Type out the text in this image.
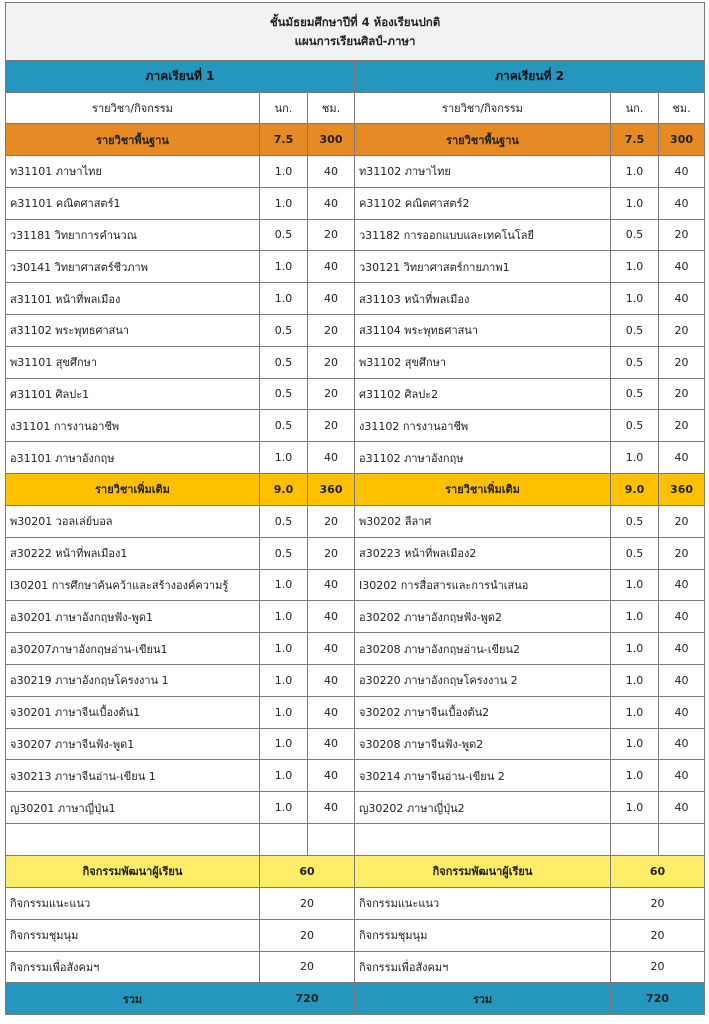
ชั้นมัธยมศึกษาปีที่ 4 ห้องเรียนปกติ
แผนการเรียนศิลป์-ภาษา					

ภาคเรียนที่ 1			ภาคเรียนที่ 2		
รายวิชา/กิจกรรม	นก.	ชม.	รายวิชา/กิจกรรม	นก.	ชม.
รายวิชาพื้นฐาน	7.5	300	รายวิชาพื้นฐาน	7.5	300
ท31101 ภาษาไทย	1.0	40	ท31102 ภาษาไทย	1.0	40
ค31101 คณิตศาสตร์1	1.0	40	ค31102 คณิตศาสตร์2	1.0	40
ว31181 วิทยาการคำนวณ	0.5	20	ว31182 การออกแบบและเทคโนโลยี	0.5	20
ว30141 วิทยาศาสตร์ชีวภาพ	1.0	40	ว30121 วิทยาศาสตร์กายภาพ1	1.0	40
ส31101 หน้าที่พลเมือง	1.0	40	ส31103 หน้าที่พลเมือง	1.0	40
ส31102 พระพุทธศาสนา	0.5	20	ส31104 พระพุทธศาสนา	0.5	20
พ31101 สุขศึกษา	0.5	20	พ31102 สุขศึกษา	0.5	20
ศ31101 ศิลปะ1	0.5	20	ศ31102 ศิลปะ2	0.5	20
ง31101 การงานอาชีพ	0.5	20	ง31102 การงานอาชีพ	0.5	20
อ31101 ภาษาอังกฤษ	1.0	40	อ31102 ภาษาอังกฤษ	1.0	40
รายวิชาเพิ่มเติม	9.0	360	รายวิชาเพิ่มเติม	9.0	360
พ30201 วอลเล่ย์บอล	0.5	20	พ30202 ลีลาศ	0.5	20
ส30222 หน้าที่พลเมือง1	0.5	20	ส30223 หน้าที่พลเมือง2	0.5	20
I30201 การศึกษาค้นคว้าและสร้างองค์ความรู้	1.0	40	I30202 การสื่อสารและการนำเสนอ	1.0	40
อ30201 ภาษาอังกฤษฟัง-พูด1	1.0	40	อ30202 ภาษาอังกฤษฟัง-พูด2	1.0	40
อ30207ภาษาอังกฤษอ่าน-เขียน1	1.0	40	อ30208 ภาษาอังกฤษอ่าน-เขียน2	1.0	40
อ30219 ภาษาอังกฤษโครงงาน 1	1.0	40	อ30220 ภาษาอังกฤษโครงงาน 2	1.0	40
จ30201 ภาษาจีนเบื้องต้น1	1.0	40	จ30202 ภาษาจีนเบื้องต้น2	1.0	40
จ30207 ภาษาจีนฟัง-พูด1	1.0	40	จ30208 ภาษาจีนฟัง-พูด2	1.0	40
จ30213 ภาษาจีนอ่าน-เขียน 1	1.0	40	จ30214 ภาษาจีนอ่าน-เขียน 2	1.0	40
ญ30201 ภาษาญี่ปุ่น1	1.0	40	ญ30202 ภาษาญี่ปุ่น2	1.0	40

กิจกรรมพัฒนาผู้เรียน	60		กิจกรรมพัฒนาผู้เรียน	60	
กิจกรรมแนะแนว	20		กิจกรรมแนะแนว	20	
กิจกรรมชุมนุม	20		กิจกรรมชุมนุม	20	
กิจกรรมเพื่อสังคมฯ	20		กิจกรรมเพื่อสังคมฯ	20	
รวม	720		รวม	720	
